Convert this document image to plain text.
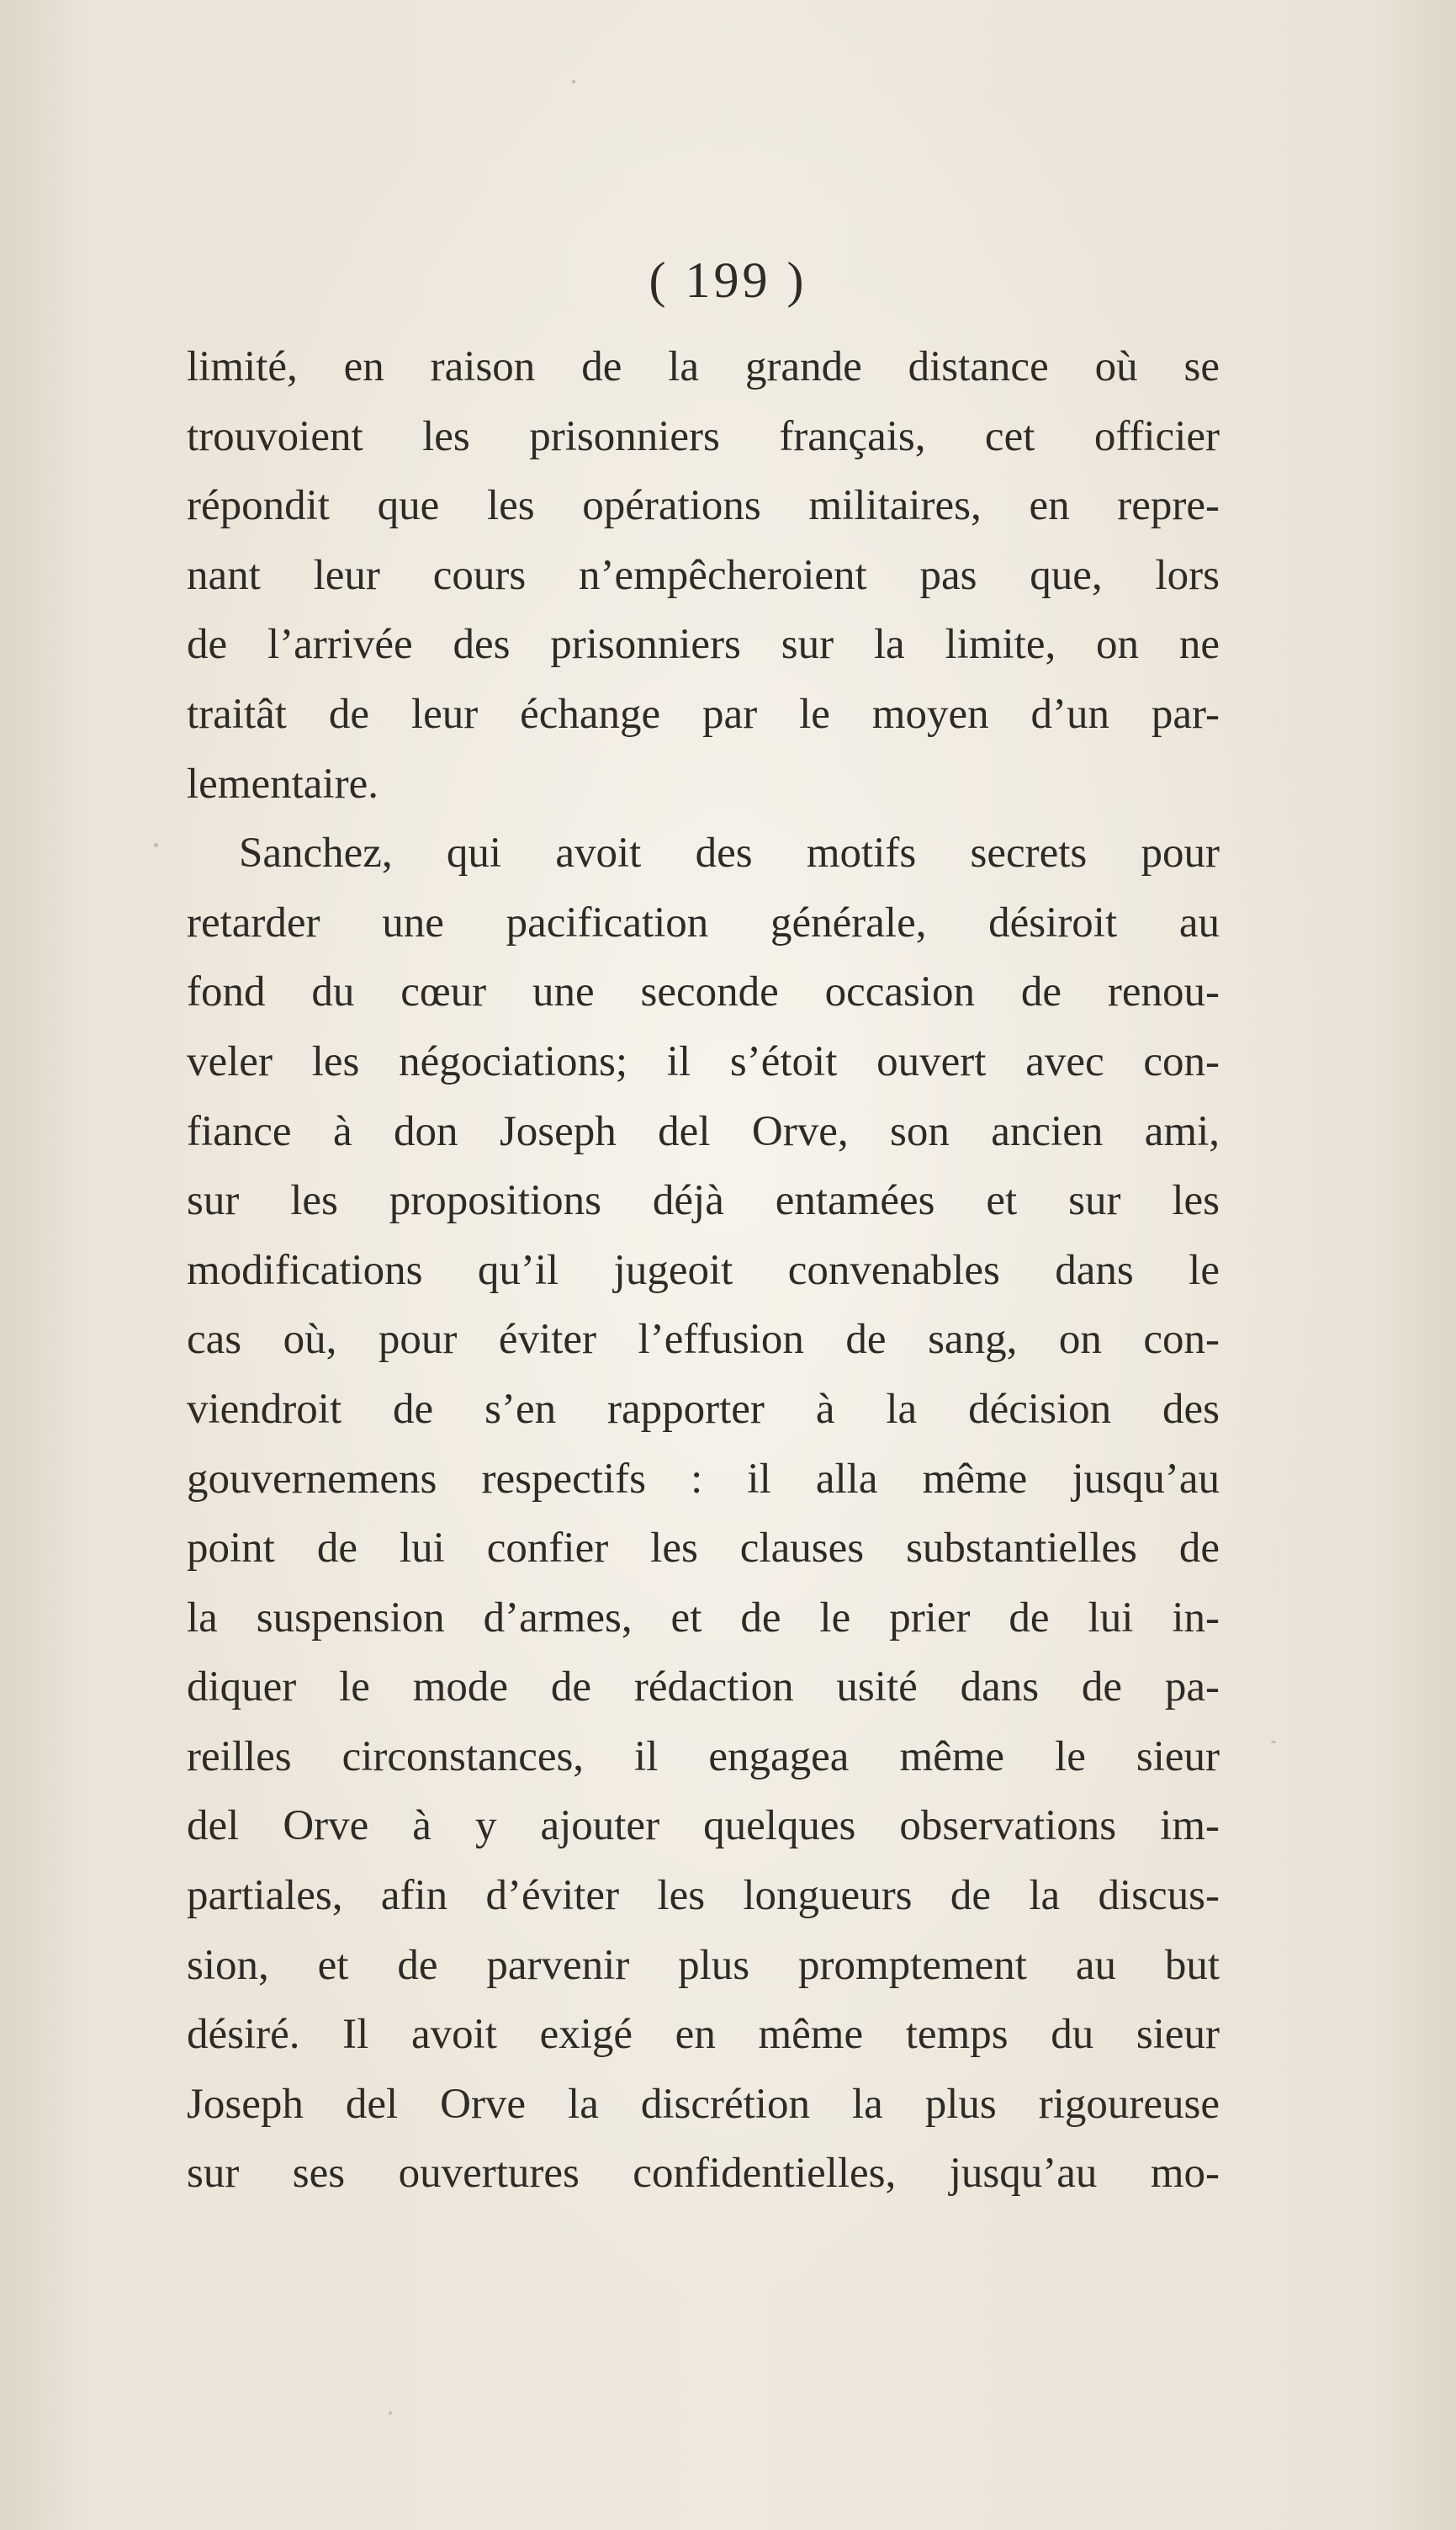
( 199 )
limité, en raison de la grande distance où se
trouvoient les prisonniers français, cet officier
répondit que les opérations militaires, en repre-
nant leur cours n’empêcheroient pas que, lors
de l’arrivée des prisonniers sur la limite, on ne
traitât de leur échange par le moyen d’un par-
lementaire.
Sanchez, qui avoit des motifs secrets pour
retarder une pacification générale, désiroit au
fond du cœur une seconde occasion de renou-
veler les négociations; il s’étoit ouvert avec con-
fiance à don Joseph del Orve, son ancien ami,
sur les propositions déjà entamées et sur les
modifications qu’il jugeoit convenables dans le
cas où, pour éviter l’effusion de sang, on con-
viendroit de s’en rapporter à la décision des
gouvernemens respectifs : il alla même jusqu’au
point de lui confier les clauses substantielles de
la suspension d’armes, et de le prier de lui in-
diquer le mode de rédaction usité dans de pa-
reilles circonstances, il engagea même le sieur
del Orve à y ajouter quelques observations im-
partiales, afin d’éviter les longueurs de la discus-
sion, et de parvenir plus promptement au but
désiré. Il avoit exigé en même temps du sieur
Joseph del Orve la discrétion la plus rigoureuse
sur ses ouvertures confidentielles, jusqu’au mo-
